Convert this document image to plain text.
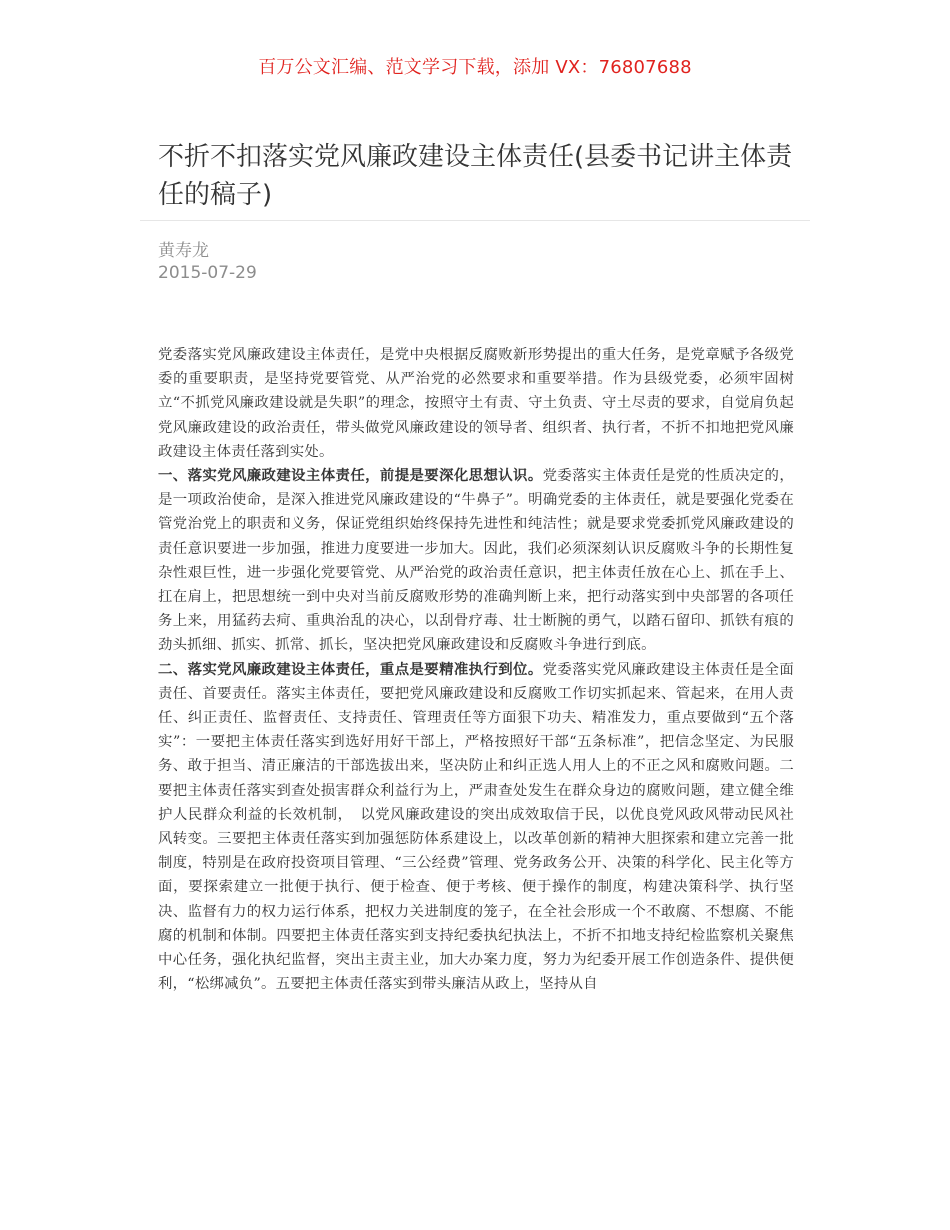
百万公文汇编、范文学习下载，添加 VX：76807688
不折不扣落实党风廉政建设主体责任(县委书记讲主体责任的稿子)
黄寿龙
2015-07-29

党委落实党风廉政建设主体责任，是党中央根据反腐败新形势提出的重大任务，是党章赋予各级党委的重要职责，是坚持党要管党、从严治党的必然要求和重要举措。作为县级党委，必须牢固树立“不抓党风廉政建设就是失职”的理念，按照守土有责、守土负责、守土尽责的要求，自觉肩负起党风廉政建设的政治责任，带头做党风廉政建设的领导者、组织者、执行者，不折不扣地把党风廉政建设主体责任落到实处。

一、落实党风廉政建设主体责任，前提是要深化思想认识。党委落实主体责任是党的性质决定的，是一项政治使命，是深入推进党风廉政建设的“牛鼻子”。明确党委的主体责任，就是要强化党委在管党治党上的职责和义务，保证党组织始终保持先进性和纯洁性；就是要求党委抓党风廉政建设的责任意识要进一步加强，推进力度要进一步加大。因此，我们必须深刻认识反腐败斗争的长期性复杂性艰巨性，进一步强化党要管党、从严治党的政治责任意识，把主体责任放在心上、抓在手上、扛在肩上，把思想统一到中央对当前反腐败形势的准确判断上来，把行动落实到中央部署的各项任务上来，用猛药去疴、重典治乱的决心，以刮骨疗毒、壮士断腕的勇气，以踏石留印、抓铁有痕的劲头抓细、抓实、抓常、抓长，坚决把党风廉政建设和反腐败斗争进行到底。

二、落实党风廉政建设主体责任，重点是要精准执行到位。党委落实党风廉政建设主体责任是全面责任、首要责任。落实主体责任，要把党风廉政建设和反腐败工作切实抓起来、管起来，在用人责任、纠正责任、监督责任、支持责任、管理责任等方面狠下功夫、精准发力，重点要做到“五个落实”：一要把主体责任落实到选好用好干部上，严格按照好干部“五条标准”，把信念坚定、为民服务、敢于担当、清正廉洁的干部选拔出来，坚决防止和纠正选人用人上的不正之风和腐败问题。二要把主体责任落实到查处损害群众利益行为上，严肃查处发生在群众身边的腐败问题，建立健全维护人民群众利益的长效机制，　以党风廉政建设的突出成效取信于民，以优良党风政风带动民风社风转变。三要把主体责任落实到加强惩防体系建设上，以改革创新的精神大胆探索和建立完善一批制度，特别是在政府投资项目管理、“三公经费”管理、党务政务公开、决策的科学化、民主化等方面，要探索建立一批便于执行、便于检查、便于考核、便于操作的制度，构建决策科学、执行坚决、监督有力的权力运行体系，把权力关进制度的笼子，在全社会形成一个不敢腐、不想腐、不能腐的机制和体制。四要把主体责任落实到支持纪委执纪执法上，不折不扣地支持纪检监察机关聚焦中心任务，强化执纪监督，突出主责主业，加大办案力度，努力为纪委开展工作创造条件、提供便利，“松绑减负”。五要把主体责任落实到带头廉洁从政上，坚持从自
